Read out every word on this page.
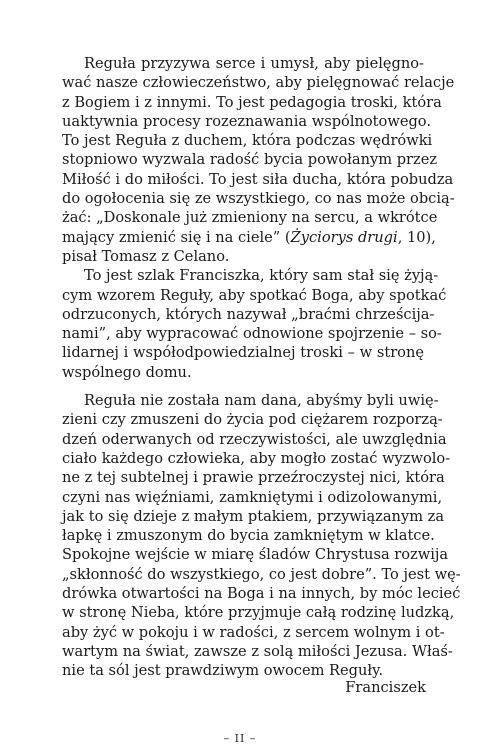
Reguła przyzywa serce i umysł, aby pielęgno-
wać nasze człowieczeństwo, aby pielęgnować relacje
z Bogiem i z innymi. To jest pedagogia troski, która
uaktywnia procesy rozeznawania wspólnotowego.
To jest Reguła z duchem, która podczas wędrówki
stopniowo wyzwala radość bycia powołanym przez
Miłość i do miłości. To jest siła ducha, która pobudza
do ogołocenia się ze wszystkiego, co nas może obcią-
żać: „Doskonale już zmieniony na sercu, a wkrótce
mający zmienić się i na ciele” (Życiorys drugi, 10),
pisał Tomasz z Celano.
To jest szlak Franciszka, który sam stał się żyją-
cym wzorem Reguły, aby spotkać Boga, aby spotkać
odrzuconych, których nazywał „braćmi chrześcija-
nami”, aby wypracować odnowione spojrzenie – so-
lidarnej i współodpowiedzialnej troski – w stronę
wspólnego domu.
Reguła nie została nam dana, abyśmy byli uwię-
zieni czy zmuszeni do życia pod ciężarem rozporzą-
dzeń oderwanych od rzeczywistości, ale uwzględnia
ciało każdego człowieka, aby mogło zostać wyzwolo-
ne z tej subtelnej i prawie przeźroczystej nici, która
czyni nas więźniami, zamkniętymi i odizolowanymi,
jak to się dzieje z małym ptakiem, przywiązanym za
łapkę i zmuszonym do bycia zamkniętym w klatce.
Spokojne wejście w miarę śladów Chrystusa rozwija
„skłonność do wszystkiego, co jest dobre”. To jest wę-
drówka otwartości na Boga i na innych, by móc lecieć
w stronę Nieba, które przyjmuje całą rodzinę ludzką,
aby żyć w pokoju i w radości, z sercem wolnym i ot-
wartym na świat, zawsze z solą miłości Jezusa. Właś-
nie ta sól jest prawdziwym owocem Reguły.
Franciszek
– II –
